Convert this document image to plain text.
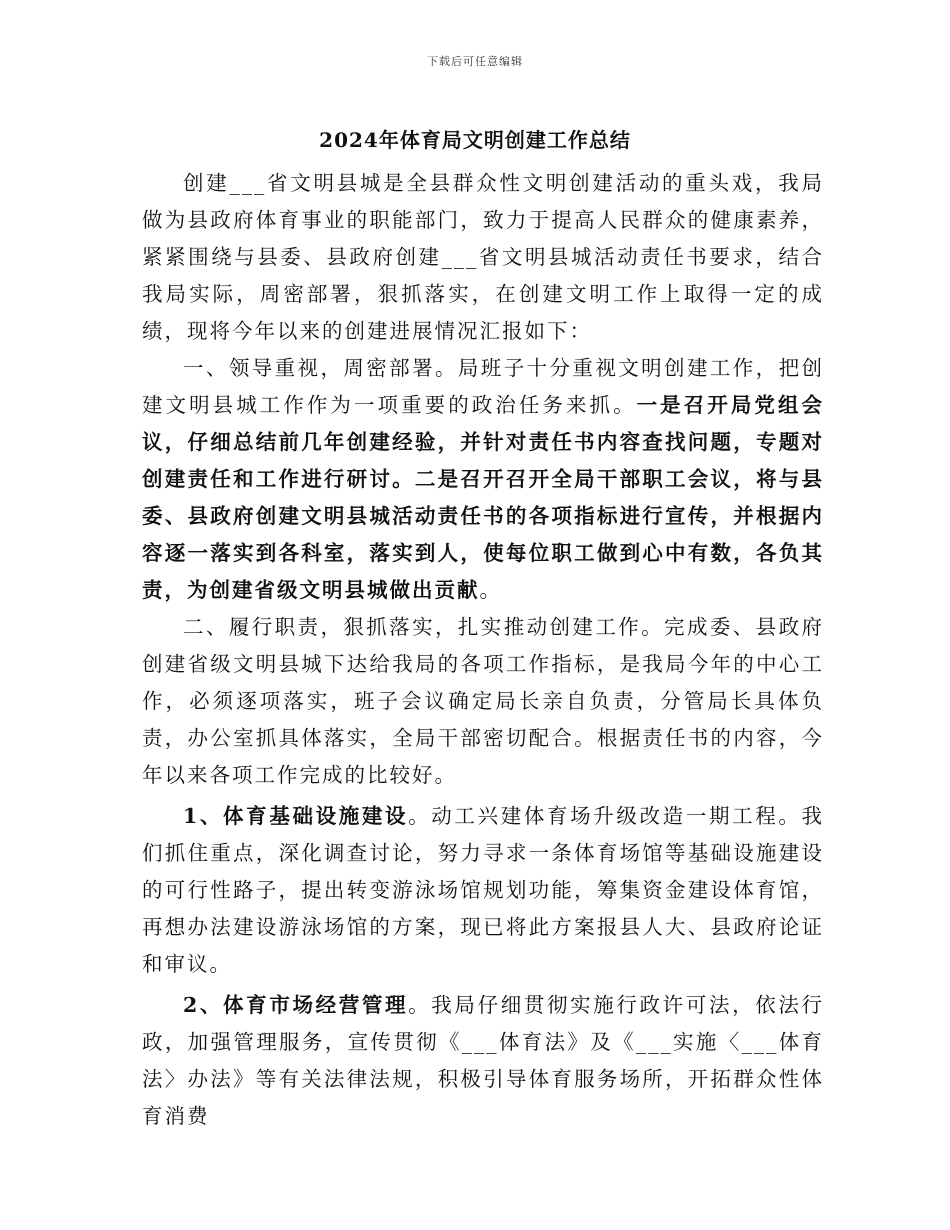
下载后可任意编辑
2024年体育局文明创建工作总结

创建___省文明县城是全县群众性文明创建活动的重头戏，我局做为县政府体育事业的职能部门，致力于提高人民群众的健康素养，紧紧围绕与县委、县政府创建___省文明县城活动责任书要求，结合我局实际，周密部署，狠抓落实，在创建文明工作上取得一定的成绩，现将今年以来的创建进展情况汇报如下：

一、领导重视，周密部署。局班子十分重视文明创建工作，把创建文明县城工作作为一项重要的政治任务来抓。一是召开局党组会议，仔细总结前几年创建经验，并针对责任书内容查找问题，专题对创建责任和工作进行研讨。二是召开召开全局干部职工会议，将与县委、县政府创建文明县城活动责任书的各项指标进行宣传，并根据内容逐一落实到各科室，落实到人，使每位职工做到心中有数，各负其责，为创建省级文明县城做出贡献。

二、履行职责，狠抓落实，扎实推动创建工作。完成委、县政府创建省级文明县城下达给我局的各项工作指标，是我局今年的中心工作，必须逐项落实，班子会议确定局长亲自负责，分管局长具体负责，办公室抓具体落实，全局干部密切配合。根据责任书的内容，今年以来各项工作完成的比较好。

1、体育基础设施建设。动工兴建体育场升级改造一期工程。我们抓住重点，深化调查讨论，努力寻求一条体育场馆等基础设施建设的可行性路子，提出转变游泳场馆规划功能，筹集资金建设体育馆，再想办法建设游泳场馆的方案，现已将此方案报县人大、县政府论证和审议。

2、体育市场经营管理。我局仔细贯彻实施行政许可法，依法行政，加强管理服务，宣传贯彻《___体育法》及《___实施〈___体育法〉办法》等有关法律法规，积极引导体育服务场所，开拓群众性体育消费
